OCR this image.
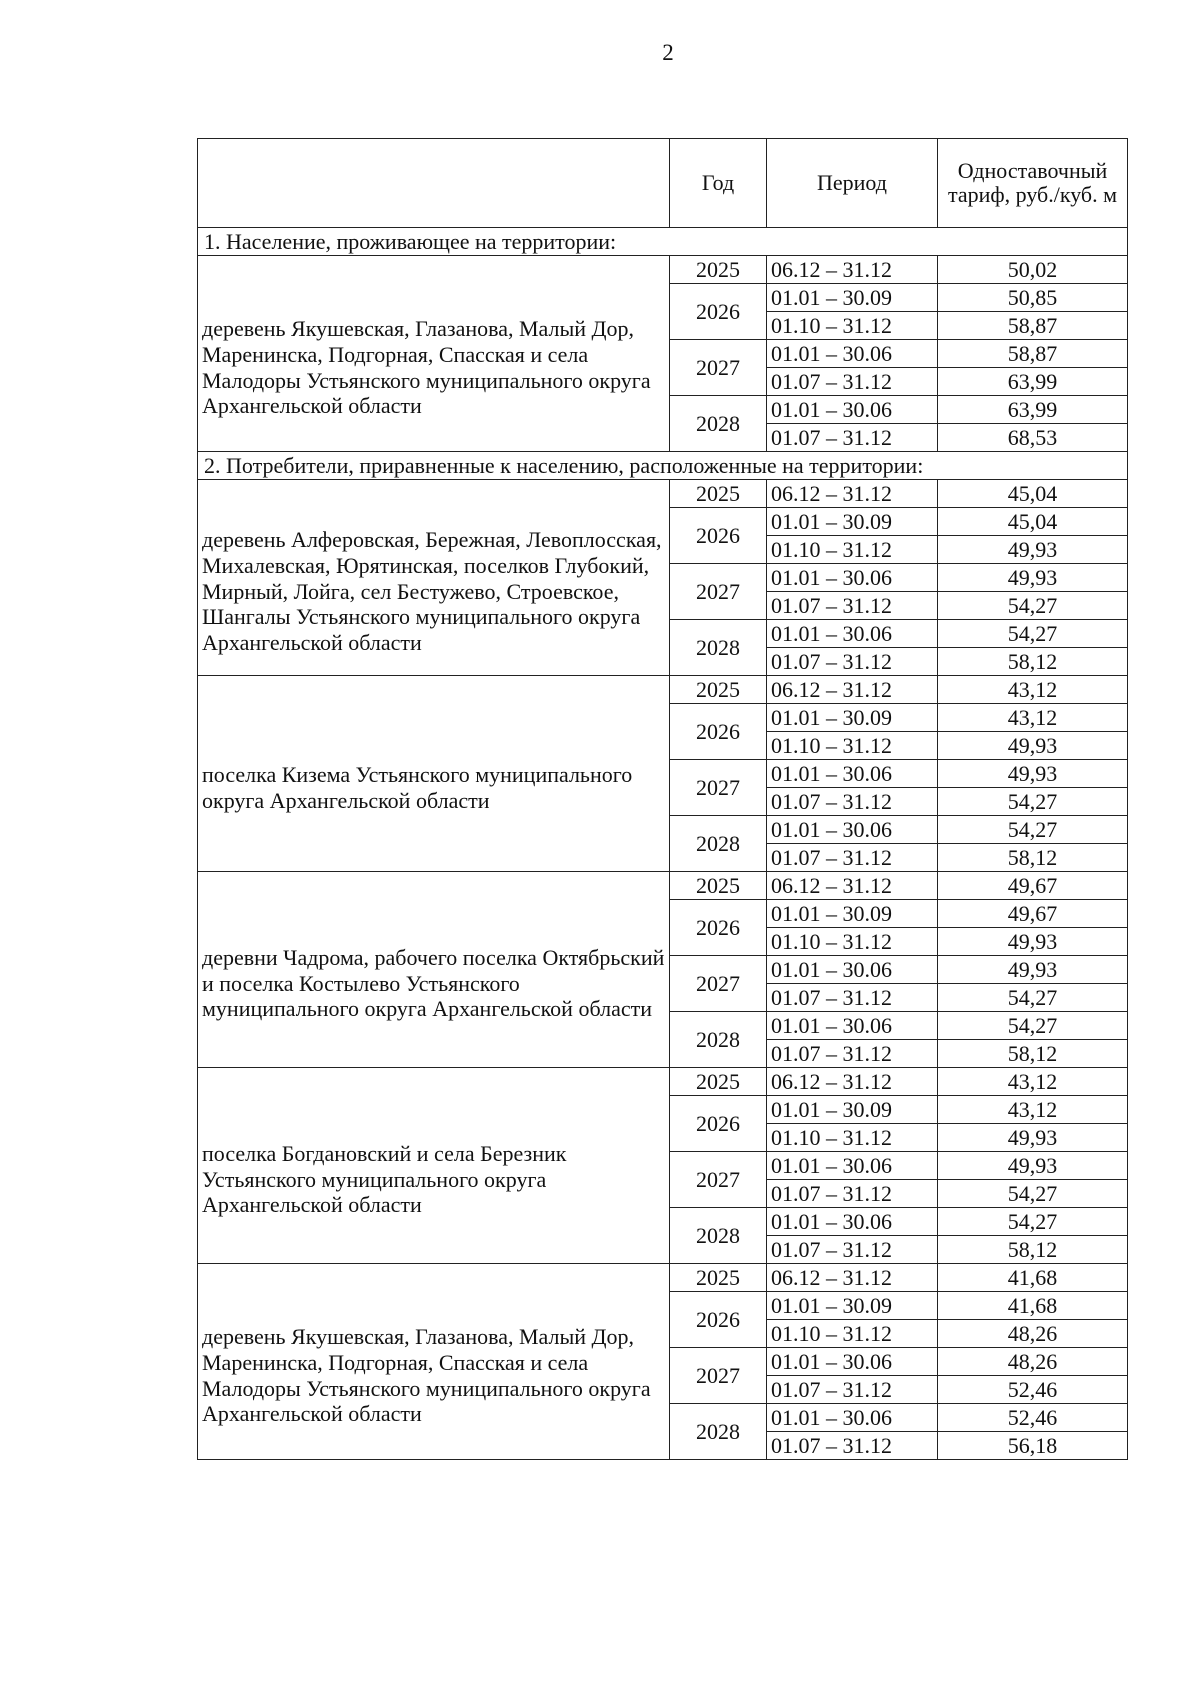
2
	Год	Период	Одноставочный тариф, руб./куб. м
1. Население, проживающее на территории:			

деревень Якушевская, Глазанова, Малый Дор, Маренинска, Подгорная, Спасская и села Малодоры Устьянского муниципального округа Архангельской области	2025	06.12 – 31.12	50,02
	2026	01.01 – 30.09	50,85
		01.10 – 31.12	58,87
	2027	01.01 – 30.06	58,87
		01.07 – 31.12	63,99
	2028	01.01 – 30.06	63,99
		01.07 – 31.12	68,53
2. Потребители, приравненные к населению, расположенные на территории:			

деревень Алферовская, Бережная, Левоплосская, Михалевская, Юрятинская, поселков Глубокий, Мирный, Лойга, сел Бестужево, Строевское, Шангалы Устьянского муниципального округа Архангельской области	2025	06.12 – 31.12	45,04
	2026	01.01 – 30.09	45,04
		01.10 – 31.12	49,93
	2027	01.01 – 30.06	49,93
		01.07 – 31.12	54,27
	2028	01.01 – 30.06	54,27
		01.07 – 31.12	58,12

поселка Кизема Устьянского муниципального округа Архангельской области	2025	06.12 – 31.12	43,12
	2026	01.01 – 30.09	43,12
		01.10 – 31.12	49,93
	2027	01.01 – 30.06	49,93
		01.07 – 31.12	54,27
	2028	01.01 – 30.06	54,27
		01.07 – 31.12	58,12

деревни Чадрома, рабочего поселка Октябрьский и поселка Костылево Устьянского муниципального округа Архангельской области	2025	06.12 – 31.12	49,67
	2026	01.01 – 30.09	49,67
		01.10 – 31.12	49,93
	2027	01.01 – 30.06	49,93
		01.07 – 31.12	54,27
	2028	01.01 – 30.06	54,27
		01.07 – 31.12	58,12

поселка Богдановский и села Березник Устьянского муниципального округа Архангельской области	2025	06.12 – 31.12	43,12
	2026	01.01 – 30.09	43,12
		01.10 – 31.12	49,93
	2027	01.01 – 30.06	49,93
		01.07 – 31.12	54,27
	2028	01.01 – 30.06	54,27
		01.07 – 31.12	58,12

деревень Якушевская, Глазанова, Малый Дор, Маренинска, Подгорная, Спасская и села Малодоры Устьянского муниципального округа Архангельской области	2025	06.12 – 31.12	41,68
	2026	01.01 – 30.09	41,68
		01.10 – 31.12	48,26
	2027	01.01 – 30.06	48,26
		01.07 – 31.12	52,46
	2028	01.01 – 30.06	52,46
		01.07 – 31.12	56,18
